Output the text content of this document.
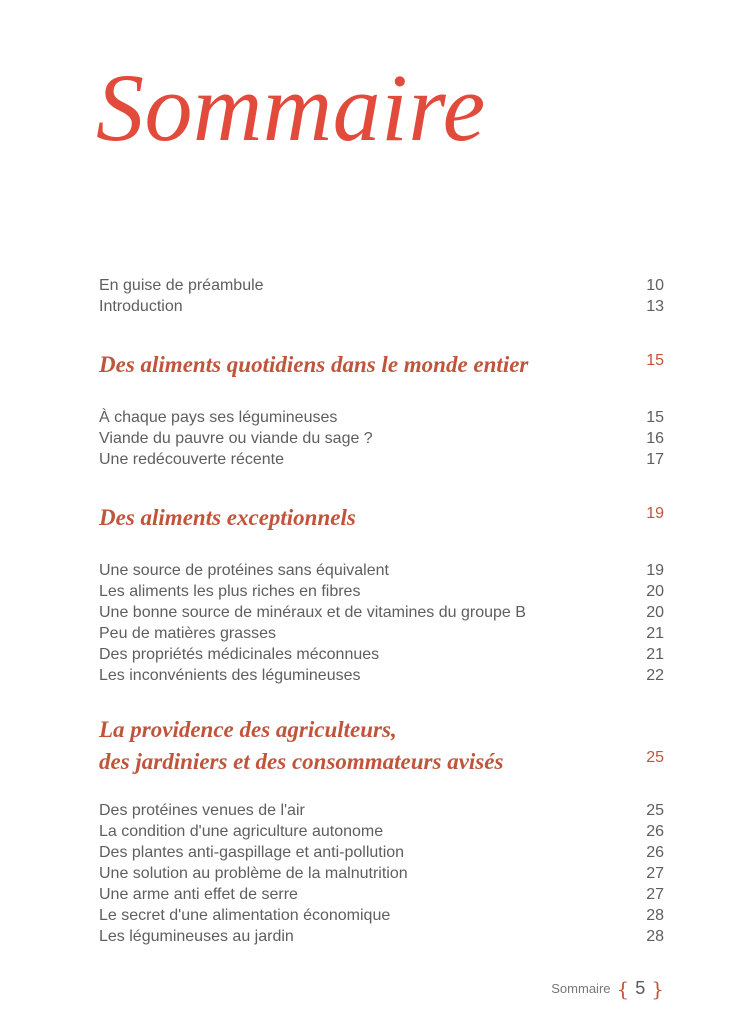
Sommaire
En guise de préambule	10
Introduction	13
Des aliments quotidiens dans le monde entier	15
À chaque pays ses légumineuses	15
Viande du pauvre ou viande du sage ?	16
Une redécouverte récente	17
Des aliments exceptionnels	19
Une source de protéines sans équivalent	19
Les aliments les plus riches en fibres	20
Une bonne source de minéraux et de vitamines du groupe B	20
Peu de matières grasses	21
Des propriétés médicinales méconnues	21
Les inconvénients des légumineuses	22
La providence des agriculteurs,
des jardiniers et des consommateurs avisés	25
Des protéines venues de l'air	25
La condition d'une agriculture autonome	26
Des plantes anti-gaspillage et anti-pollution	26
Une solution au problème de la malnutrition	27
Une arme anti effet de serre	27
Le secret d'une alimentation économique	28
Les légumineuses au jardin	28
Sommaire { 5 }
